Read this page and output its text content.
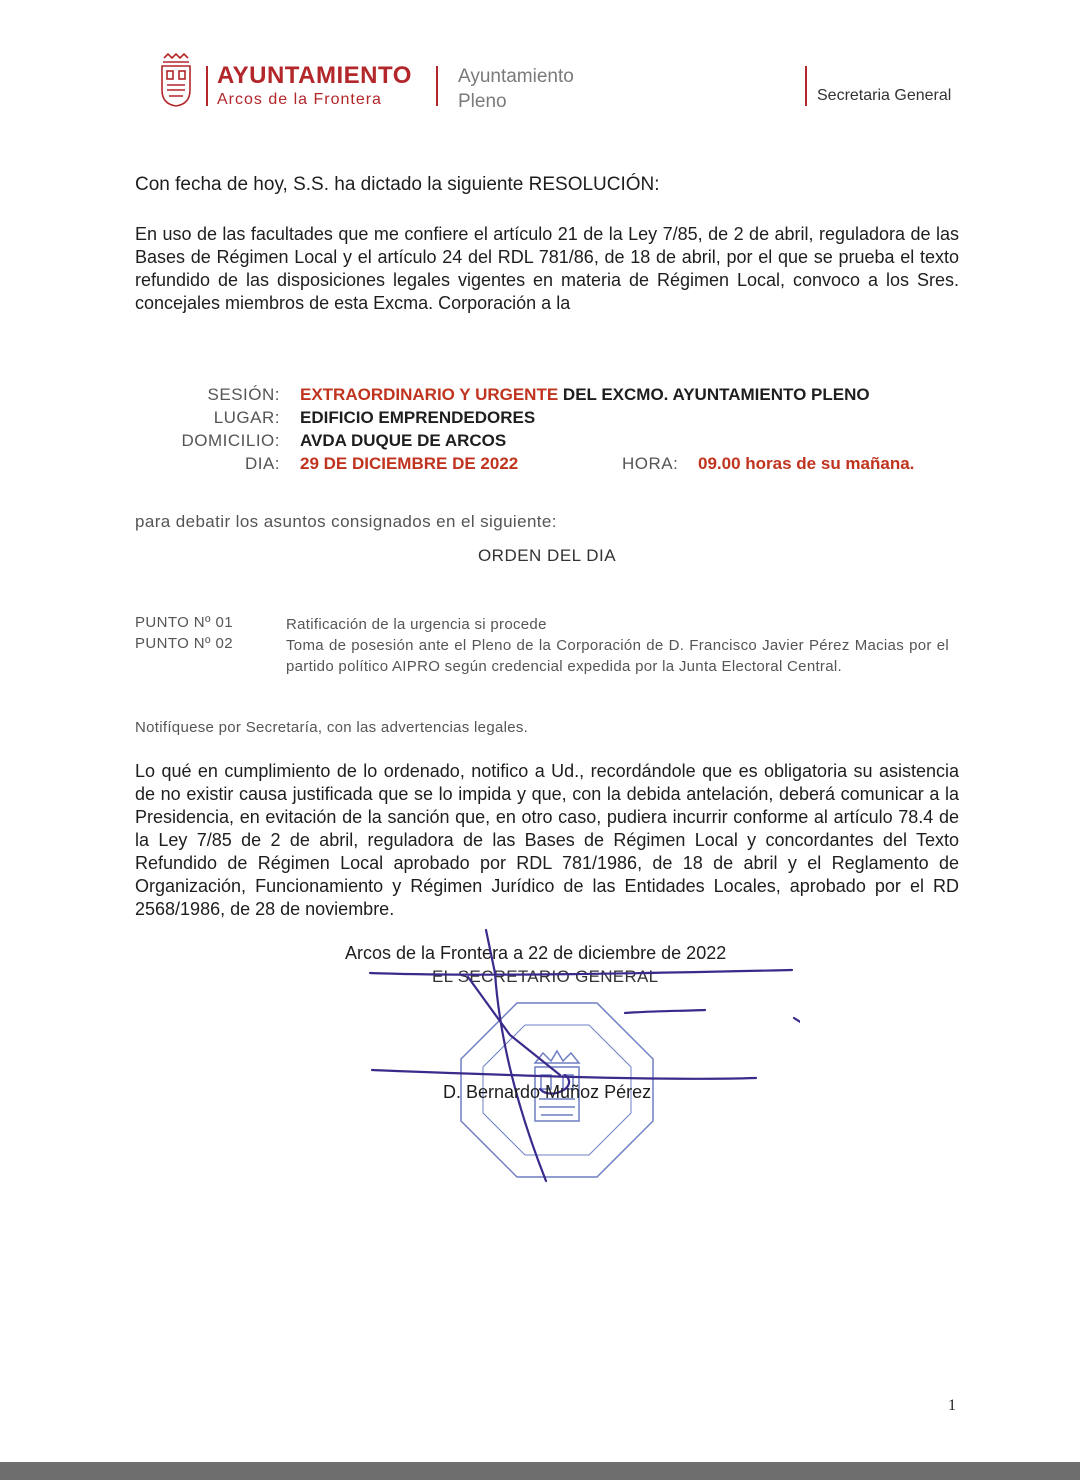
AYUNTAMIENTO
Arcos de la Frontera
Ayuntamiento
Pleno	Secretaria General
Con fecha de hoy, S.S. ha dictado la siguiente RESOLUCIÓN:
En uso de las facultades que me confiere el artículo 21 de la Ley 7/85, de 2 de abril, reguladora de las Bases de Régimen Local y el artículo 24 del RDL 781/86, de 18 de abril, por el que se prueba el texto refundido de las disposiciones legales vigentes en materia de Régimen Local, convoco a los Sres. concejales miembros de esta Excma. Corporación a la
SESIÓN: EXTRAORDINARIO Y URGENTE DEL EXCMO. AYUNTAMIENTO PLENO
LUGAR: EDIFICIO EMPRENDEDORES
DOMICILIO: AVDA DUQUE DE ARCOS
DIA: 29 DE DICIEMBRE DE 2022	HORA: 09.00 horas de su mañana.
para debatir los asuntos consignados en el siguiente:
ORDEN DEL DIA
PUNTO Nº 01	Ratificación de la urgencia si procede
PUNTO Nº 02	Toma de posesión ante el Pleno de la Corporación de D. Francisco Javier Pérez Macias por el partido político AIPRO según credencial expedida por la Junta Electoral Central.
Notifíquese por Secretaría, con las advertencias legales.
Lo qué en cumplimiento de lo ordenado, notifico a Ud., recordándole que es obligatoria su asistencia de no existir causa justificada que se lo impida y que, con la debida antelación, deberá comunicar a la Presidencia, en evitación de la sanción que, en otro caso, pudiera incurrir conforme al artículo 78.4 de la Ley 7/85 de 2 de abril, reguladora de las Bases de Régimen Local y concordantes del Texto Refundido de Régimen Local aprobado por RDL 781/1986, de 18 de abril y el Reglamento de Organización, Funcionamiento y Régimen Jurídico de las Entidades Locales, aprobado por el RD 2568/1986, de 28 de noviembre.
Arcos de la Frontera a 22 de diciembre de 2022
EL SECRETARIO GENERAL
D. Bernardo Muñoz Pérez
1
